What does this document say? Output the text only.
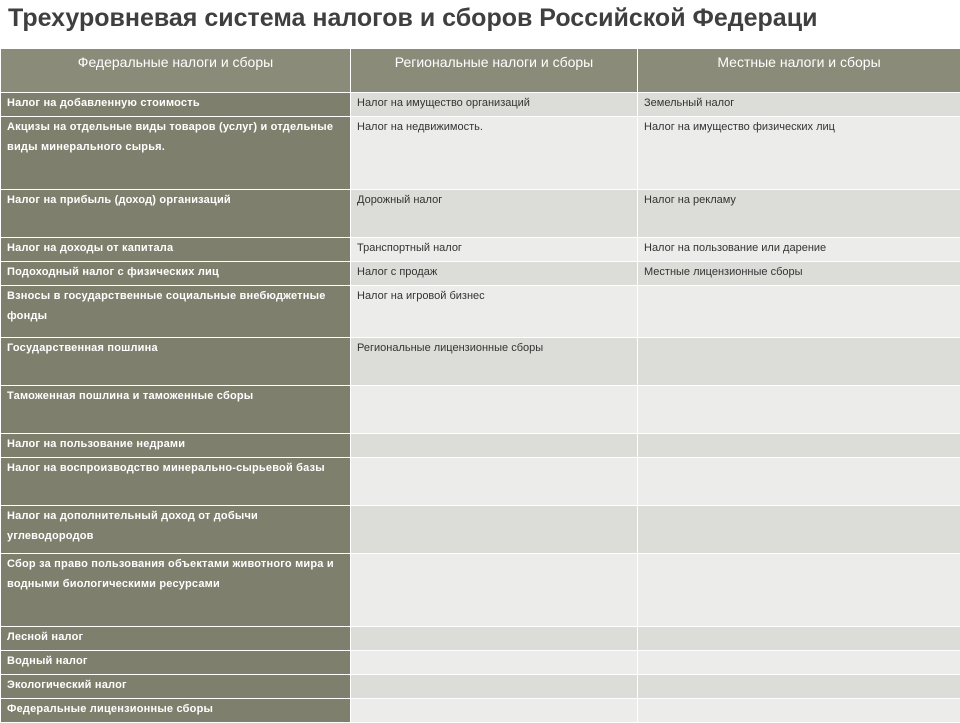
Трехуровневая система налогов и сборов Российской Федераци
Федеральные налоги и сборы	Региональные налоги и сборы	Местные налоги и сборы
Налог на добавленную стоимость	Налог на имущество организаций	Земельный налог
Акцизы на отдельные виды товаров (услуг) и отдельные виды минерального сырья.	Налог на недвижимость.	Налог на имущество физических лиц
Налог на прибыль (доход) организаций	Дорожный налог	Налог на рекламу
Налог на доходы от капитала	Транспортный налог	Налог на пользование или дарение
Подоходный налог с физических лиц	Налог с продаж	Местные лицензионные сборы
Взносы в государственные социальные внебюджетные фонды	Налог на игровой бизнес	
Государственная пошлина	Региональные лицензионные сборы	
Таможенная пошлина и таможенные сборы		
Налог на пользование недрами		
Налог на воспроизводство минерально-сырьевой базы		
Налог на дополнительный доход от добычи углеводородов		
Сбор за право пользования объектами животного мира и водными биологическими ресурсами		
Лесной налог		
Водный налог		
Экологический налог		
Федеральные лицензионные сборы		
